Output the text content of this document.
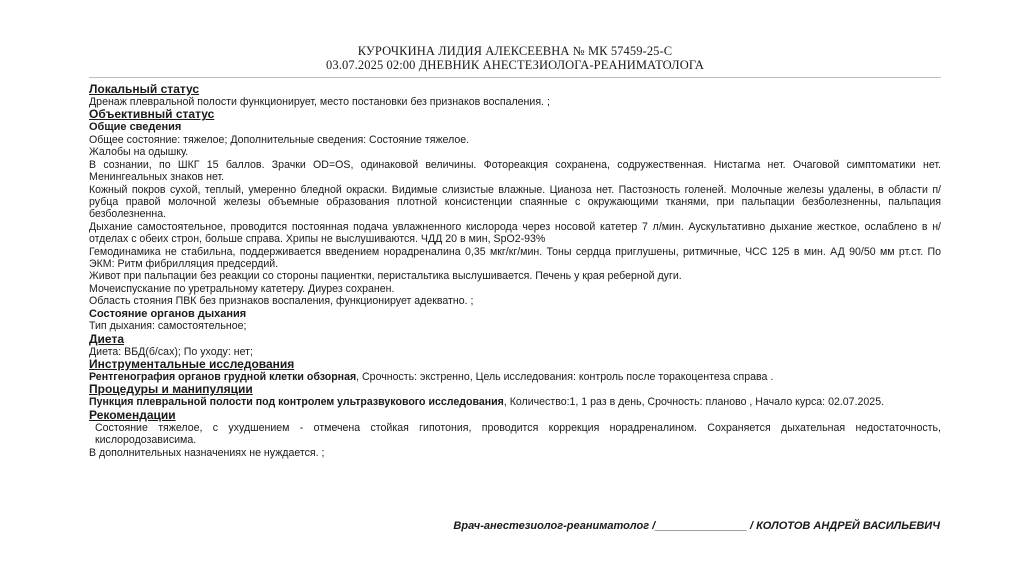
КУРОЧКИНА ЛИДИЯ АЛЕКСЕЕВНА № МК 57459-25-С
03.07.2025 02:00 ДНЕВНИК АНЕСТЕЗИОЛОГА-РЕАНИМАТОЛОГА
Локальный статус

Дренаж плевральной полости функционирует, место постановки без признаков воспаления. ;

Объективный статус
Общие сведения

Общее состояние: тяжелое; Дополнительные сведения: Состояние тяжелое.

Жалобы на одышку.

В сознании, по ШКГ 15 баллов. Зрачки OD=OS, одинаковой величины. Фотореакция сохранена, содружественная. Нистагма нет. Очаговой симптоматики нет. Менингеальных знаков нет.

Кожный покров сухой, теплый, умеренно бледной окраски. Видимые слизистые влажные. Цианоза нет. Пастозность голеней. Молочные железы удалены, в области п/ рубца правой молочной железы объемные образования плотной консистенции спаянные с окружающими тканями, при пальпации безболезненны, пальпация безболезненна.

Дыхание самостоятельное, проводится постоянная подача увлажненного кислорода через носовой катетер 7 л/мин. Аускультативно дыхание жесткое, ослаблено в н/отделах с обеих строн, больше справа. Хрипы не выслушиваются. ЧДД 20 в мин, SpO2-93%

Гемодинамика не стабильна, поддерживается введением норадреналина 0,35 мкг/кг/мин. Тоны сердца приглушены, ритмичные, ЧСС 125 в мин. АД 90/50 мм рт.ст. По ЭКМ: Ритм фибрилляция предсердий.

Живот при пальпации без реакции со стороны пациентки, перистальтика выслушивается. Печень у края реберной дуги.

Мочеиспускание по уретральному катетеру. Диурез сохранен.

Область стояния ПВК без признаков воспаления, функционирует адекватно. ;

Состояние органов дыхания

Тип дыхания: самостоятельное;

Диета

Диета: ВБД(б/сах); По уходу: нет;

Инструментальные исследования

Рентгенография органов грудной клетки обзорная, Срочность: экстренно, Цель исследования: контроль после торакоцентеза справа .

Процедуры и манипуляции

Пункция плевральной полости под контролем ультразвукового исследования, Количество:1, 1 раз в день, Срочность: планово , Начало курса: 02.07.2025.

Рекомендации

Состояние тяжелое, с ухудшением - отмечена стойкая гипотония, проводится коррекция норадреналином. Сохраняется дыхательная недостаточность, кислородозависима.

В дополнительных назначениях не нуждается. ;

Врач-анестезиолог-реаниматолог /_______________ / КОЛОТОВ АНДРЕЙ ВАСИЛЬЕВИЧ
